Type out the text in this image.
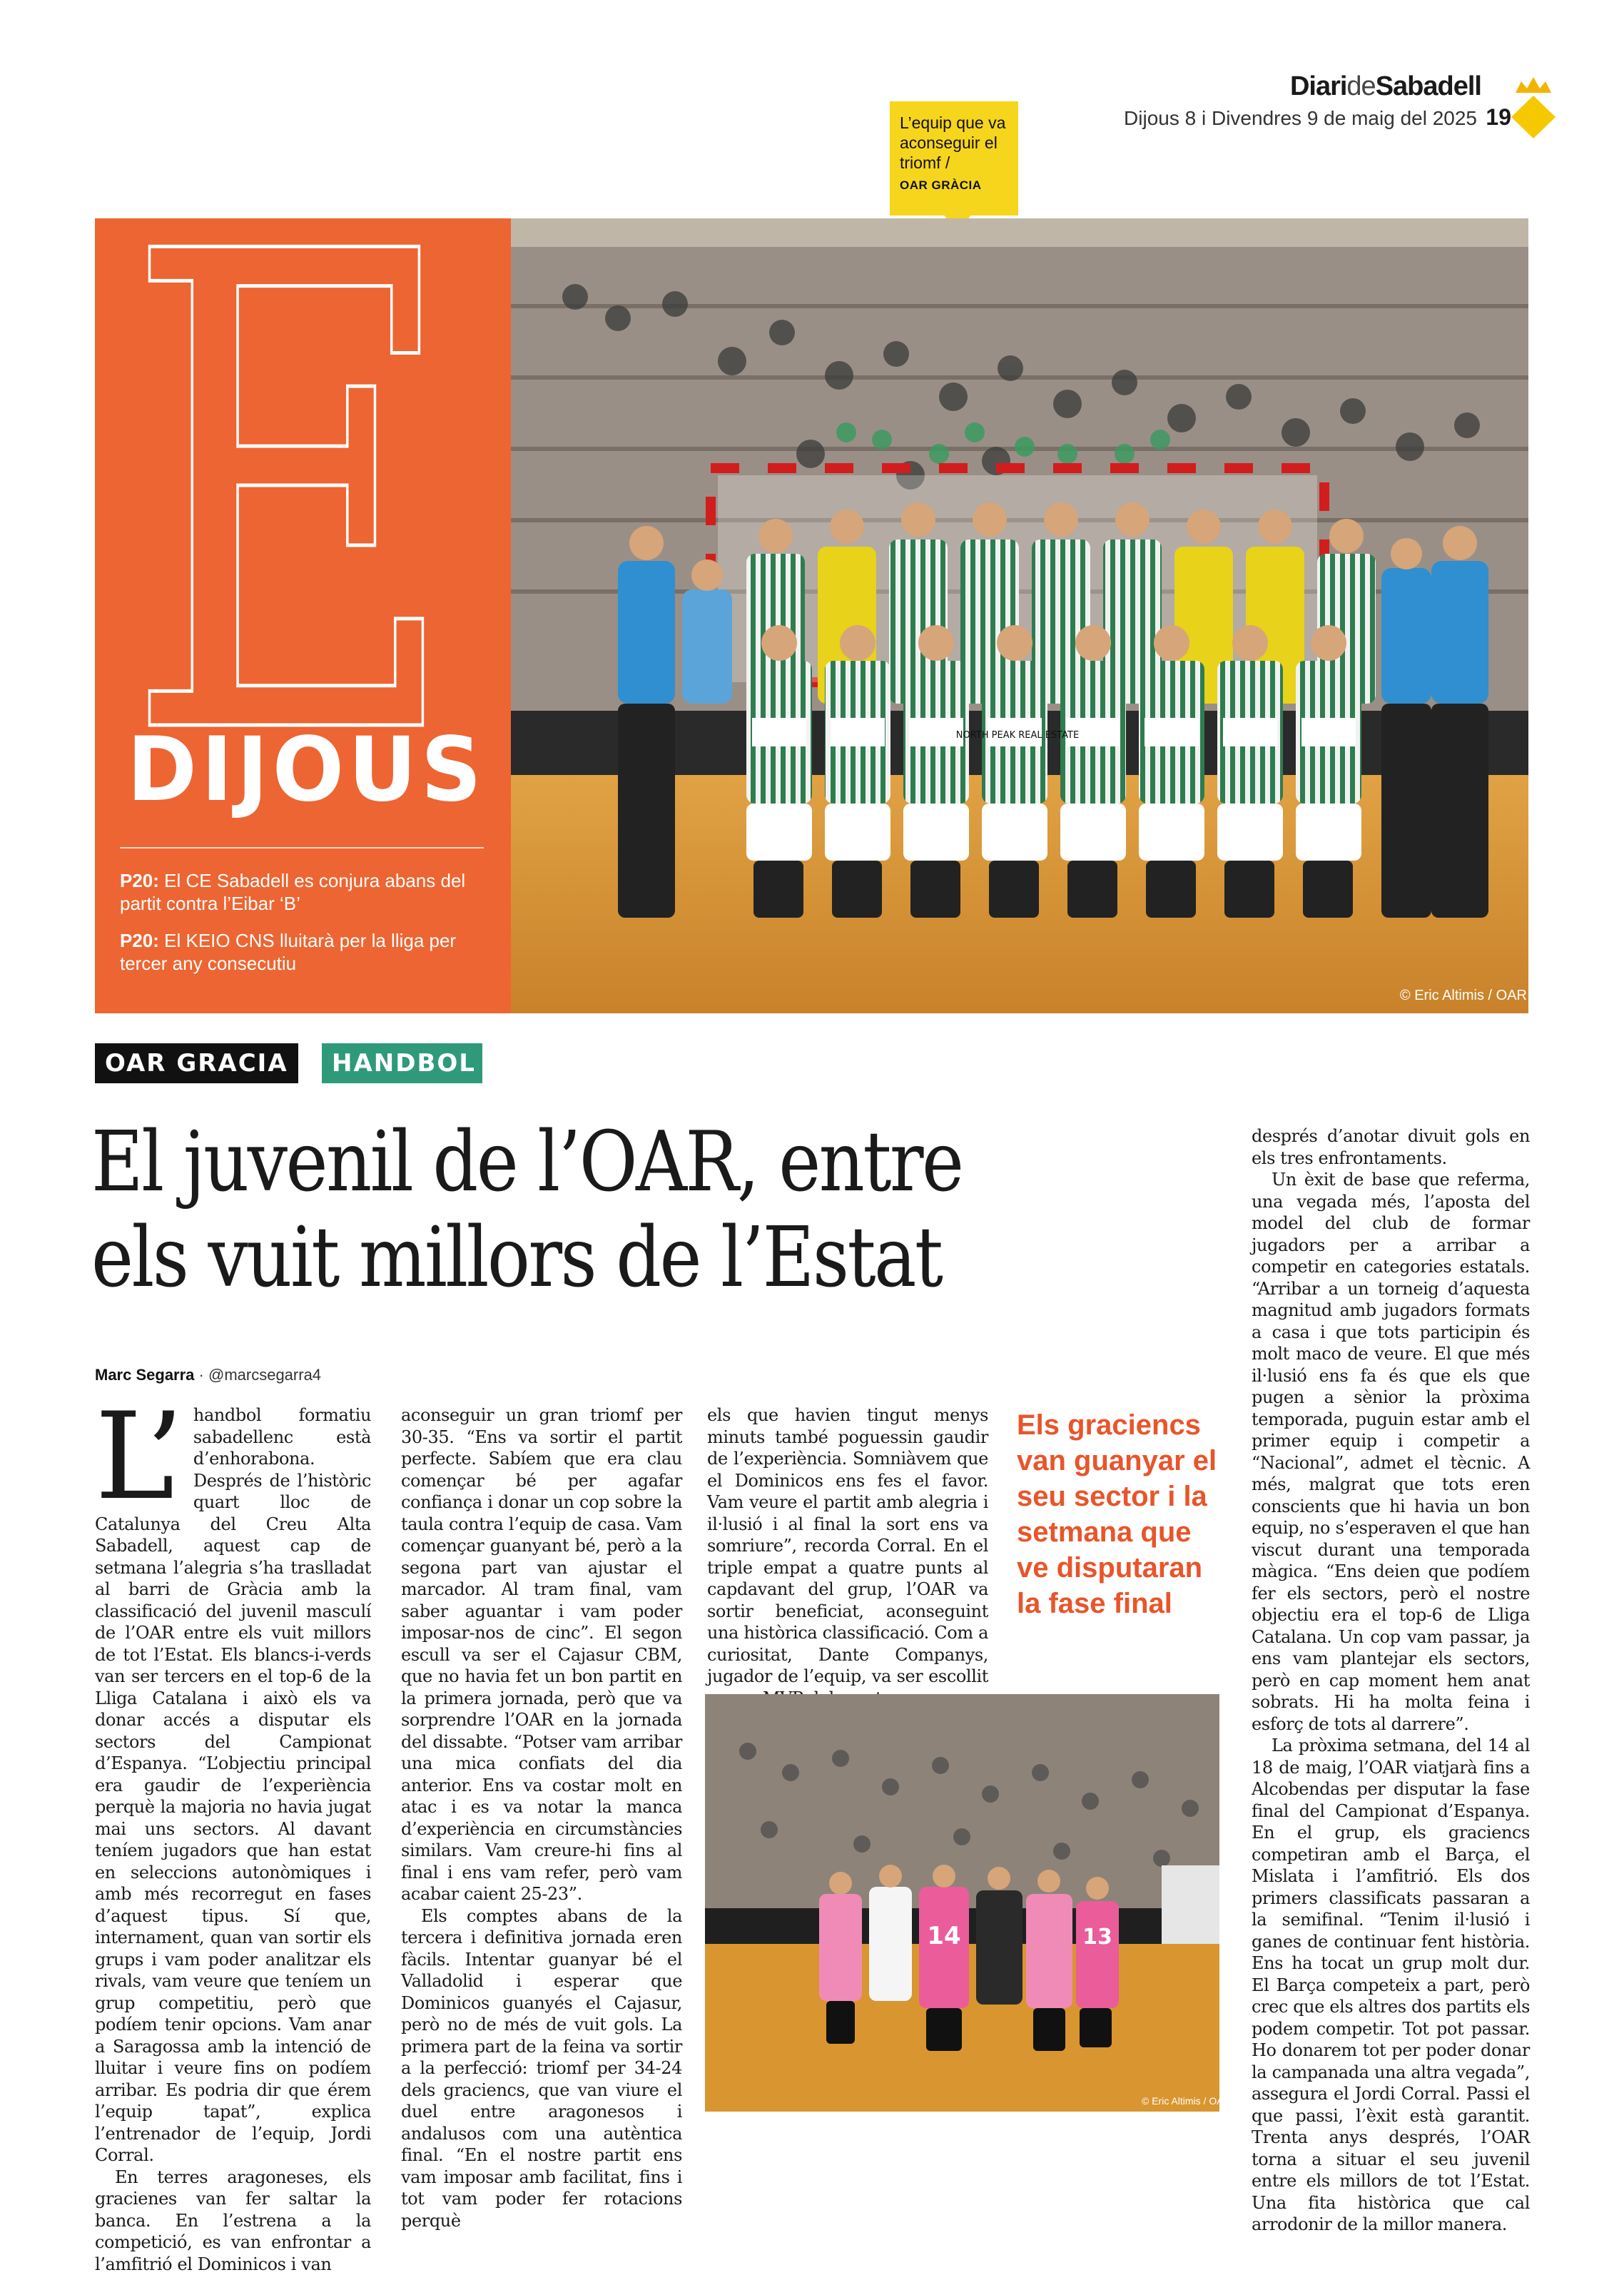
DiarideSabadell
Dijous 8 i Divendres 9 de maig del 2025 19
L’equip que va aconseguir el triomf /
OAR GRÀCIA
E
DIJOUS
P20: El CE Sabadell es conjura abans del partit contra l’Eibar ‘B’
P20: El KEIO CNS lluitarà per la lliga per tercer any consecutiu
NORTH PEAK REAL ESTATE
© Eric Altimis / OAR
OAR GRACIA	HANDBOL
El juvenil de l’OAR, entre els vuit millors de l’Estat
Marc Segarra · @marcsegarra4
L’ handbol formatiu sabadellenc està d’enhorabona. Després de l’històric quart lloc de Catalunya del Creu Alta Sabadell, aquest cap de setmana l’alegria s’ha traslladat al barri de Gràcia amb la classificació del juvenil masculí de l’OAR entre els vuit millors de tot l’Estat. Els blancs-i-verds van ser tercers en el top-6 de la Lliga Catalana i això els va donar accés a disputar els sectors del Campionat d’Espanya. “L’objectiu principal era gaudir de l’experiència perquè la majoria no havia jugat mai uns sectors. Al davant teníem jugadors que han estat en seleccions autonòmiques i amb més recorregut en fases d’aquest tipus. Sí que, internament, quan van sortir els grups i vam poder analitzar els rivals, vam veure que teníem un grup competitiu, però que podíem tenir opcions. Vam anar a Saragossa amb la intenció de lluitar i veure fins on podíem arribar. Es podria dir que érem l’equip tapat”, explica l’entrenador de l’equip, Jordi Corral.

En terres aragoneses, els gracienes van fer saltar la banca. En l’estrena a la competició, es van enfrontar a l’amfitrió el Dominicos i van

aconseguir un gran triomf per 30-35. “Ens va sortir el partit perfecte. Sabíem que era clau començar bé per agafar confiança i donar un cop sobre la taula contra l’equip de casa. Vam començar guanyant bé, però a la segona part van ajustar el marcador. Al tram final, vam saber aguantar i vam poder imposar-nos de cinc”. El segon escull va ser el Cajasur CBM, que no havia fet un bon partit en la primera jornada, però que va sorprendre l’OAR en la jornada del dissabte. “Potser vam arribar una mica confiats del dia anterior. Ens va costar molt en atac i es va notar la manca d’experiència en circumstàncies similars. Vam creure-hi fins al final i ens vam refer, però vam acabar caient 25-23”.

Els comptes abans de la tercera i definitiva jornada eren fàcils. Intentar guanyar bé el Valladolid i esperar que Dominicos guanyés el Cajasur, però no de més de vuit gols. La primera part de la feina va sortir a la perfecció: triomf per 34-24 dels graciencs, que van viure el duel entre aragonesos i andalusos com una autèntica final. “En el nostre partit ens vam imposar amb facilitat, fins i tot vam poder fer rotacions perquè

els que havien tingut menys minuts també poguessin gaudir de l’experiència. Somniàvem que el Dominicos ens fes el favor. Vam veure el partit amb alegria i il·lusió i al final la sort ens va somriure”, recorda Corral. En el triple empat a quatre punts al capdavant del grup, l’OAR va sortir beneficiat, aconseguint una històrica classificació. Com a curiositat, Dante Companys, jugador de l’equip, va ser escollit

Els graciencs van guanyar el seu sector i la setmana que ve disputaran la fase final

després d’anotar divuit gols en els tres enfrontaments.

Un èxit de base que referma, una vegada més, l’aposta del model del club de formar jugadors per a arribar a competir en categories estatals. “Arribar a un torneig d’aquesta magnitud amb jugadors formats a casa i que tots participin és molt maco de veure. El que més il·lusió ens fa és que els que pugen a sènior la pròxima temporada, puguin estar amb el primer equip i competir a “Nacional”, admet el tècnic. A més, malgrat que tots eren conscients que hi havia un bon equip, no s’esperaven el que han viscut durant una temporada màgica. “Ens deien que podíem fer els sectors, però el nostre objectiu era el top-6 de Lliga Catalana. Un cop vam passar, ja ens vam plantejar els sectors, però en cap moment hem anat sobrats. Hi ha molta feina i esforç de tots al darrere”.

La pròxima setmana, del 14 al 18 de maig, l’OAR viatjarà fins a Alcobendas per disputar la fase final del Campionat d’Espanya. En el grup, els graciencs competiran amb el Barça, el Mislata i l’amfitrió. Els dos primers classificats passaran a la semifinal. “Tenim il·lusió i ganes de continuar fent història. Ens ha tocat un grup molt dur. El Barça competeix a part, però crec que els altres dos partits els podem competir. Tot pot passar. Ho donarem tot per poder donar la campanada una altra vegada”, assegura el Jordi Corral. Passi el que passi, l’èxit està garantit. Trenta anys després, l’OAR torna a situar el seu juvenil entre els millors de tot l’Estat. Una fita històrica que cal arrodonir de la millor manera.

14	13
© Eric Altimis / OAR
